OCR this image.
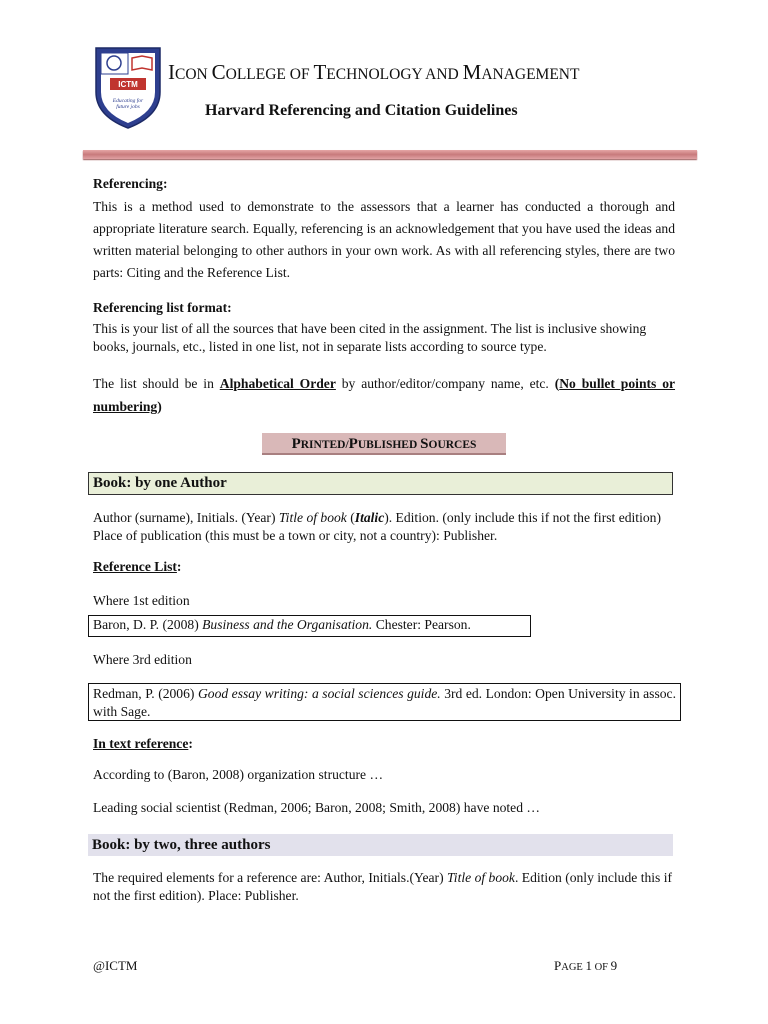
ICTM
Educating for future jobs
ICON COLLEGE OF TECHNOLOGY AND MANAGEMENT
Harvard Referencing and Citation Guidelines
Referencing:
This is a method used to demonstrate to the assessors that a learner has conducted a thorough and appropriate literature search. Equally, referencing is an acknowledgement that you have used the ideas and written material belonging to other authors in your own work. As with all referencing styles, there are two parts: Citing and the Reference List.
Referencing list format:
This is your list of all the sources that have been cited in the assignment. The list is inclusive showing books, journals, etc., listed in one list, not in separate lists according to source type.
The list should be in Alphabetical Order by author/editor/company name, etc. (No bullet points or numbering)
PRINTED/PUBLISHED SOURCES
Book: by one Author
Author (surname), Initials. (Year) Title of book (Italic). Edition. (only include this if not the first edition) Place of publication (this must be a town or city, not a country): Publisher.
Reference List:
Where 1st edition
Baron, D. P. (2008) Business and the Organisation. Chester: Pearson.
Where 3rd edition
Redman, P. (2006) Good essay writing: a social sciences guide. 3rd ed. London: Open University in assoc. with Sage.
In text reference:
According to (Baron, 2008) organization structure …
Leading social scientist (Redman, 2006; Baron, 2008; Smith, 2008) have noted …
Book: by two, three authors
The required elements for a reference are: Author, Initials.(Year) Title of book. Edition (only include this if not the first edition). Place: Publisher.
@ICTM	PAGE 1 OF 9
